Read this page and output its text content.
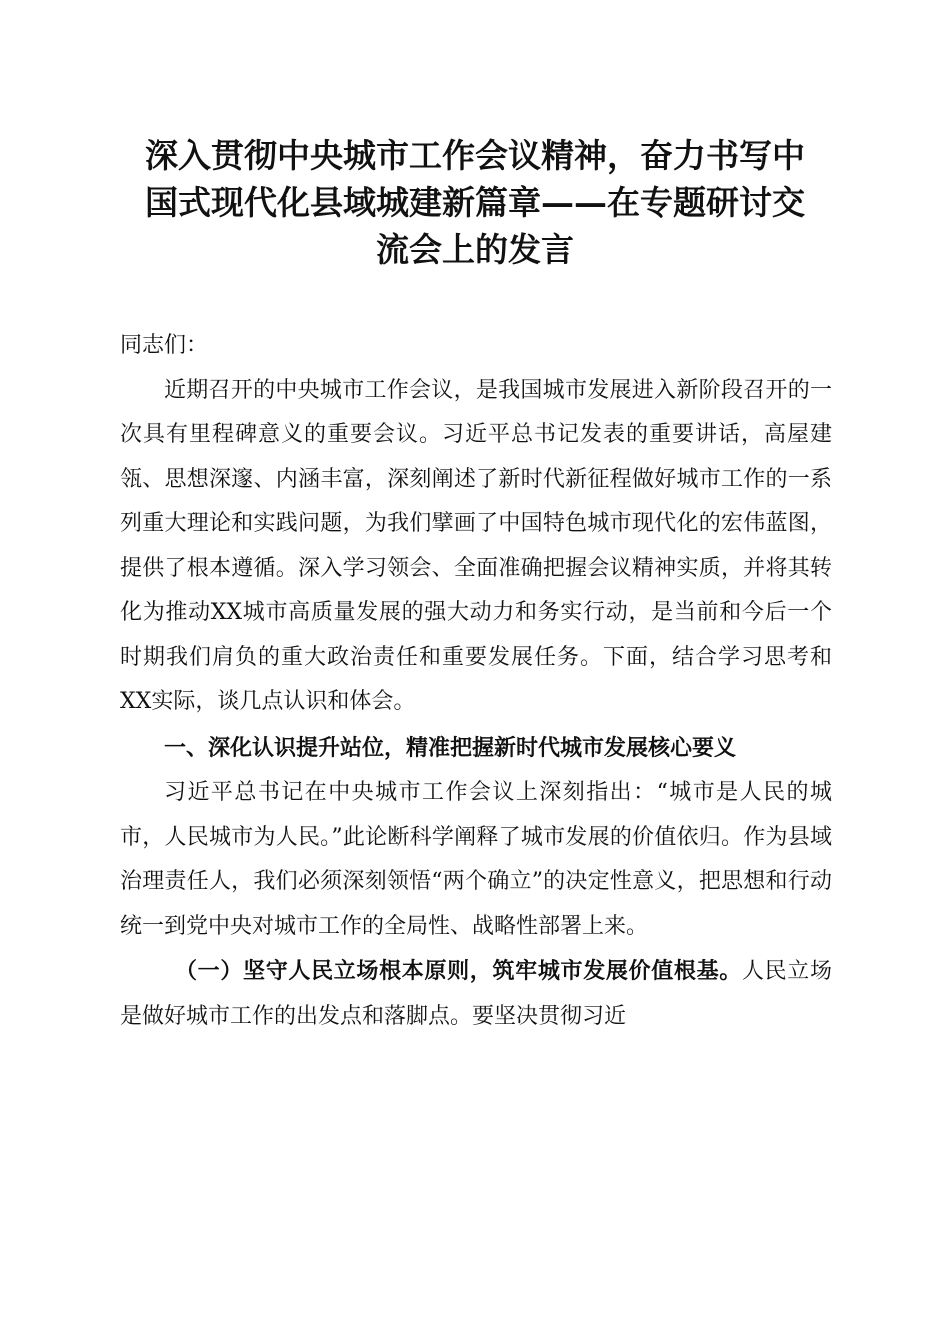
深入贯彻中央城市工作会议精神，奋力书写中
国式现代化县域城建新篇章——在专题研讨交
流会上的发言

同志们：

近期召开的中央城市工作会议，是我国城市发展进入新阶段召开的一次具有里程碑意义的重要会议。习近平总书记发表的重要讲话，高屋建瓴、思想深邃、内涵丰富，深刻阐述了新时代新征程做好城市工作的一系列重大理论和实践问题，为我们擘画了中国特色城市现代化的宏伟蓝图，提供了根本遵循。深入学习领会、全面准确把握会议精神实质，并将其转化为推动XX城市高质量发展的强大动力和务实行动，是当前和今后一个时期我们肩负的重大政治责任和重要发展任务。下面，结合学习思考和XX实际，谈几点认识和体会。

一、深化认识提升站位，精准把握新时代城市发展核心要义

习近平总书记在中央城市工作会议上深刻指出：“城市是人民的城市，人民城市为人民。”此论断科学阐释了城市发展的价值依归。作为县域治理责任人，我们必须深刻领悟“两个确立”的决定性意义，把思想和行动统一到党中央对城市工作的全局性、战略性部署上来。

（一）坚守人民立场根本原则，筑牢城市发展价值根基。人民立场是做好城市工作的出发点和落脚点。要坚决贯彻习近
